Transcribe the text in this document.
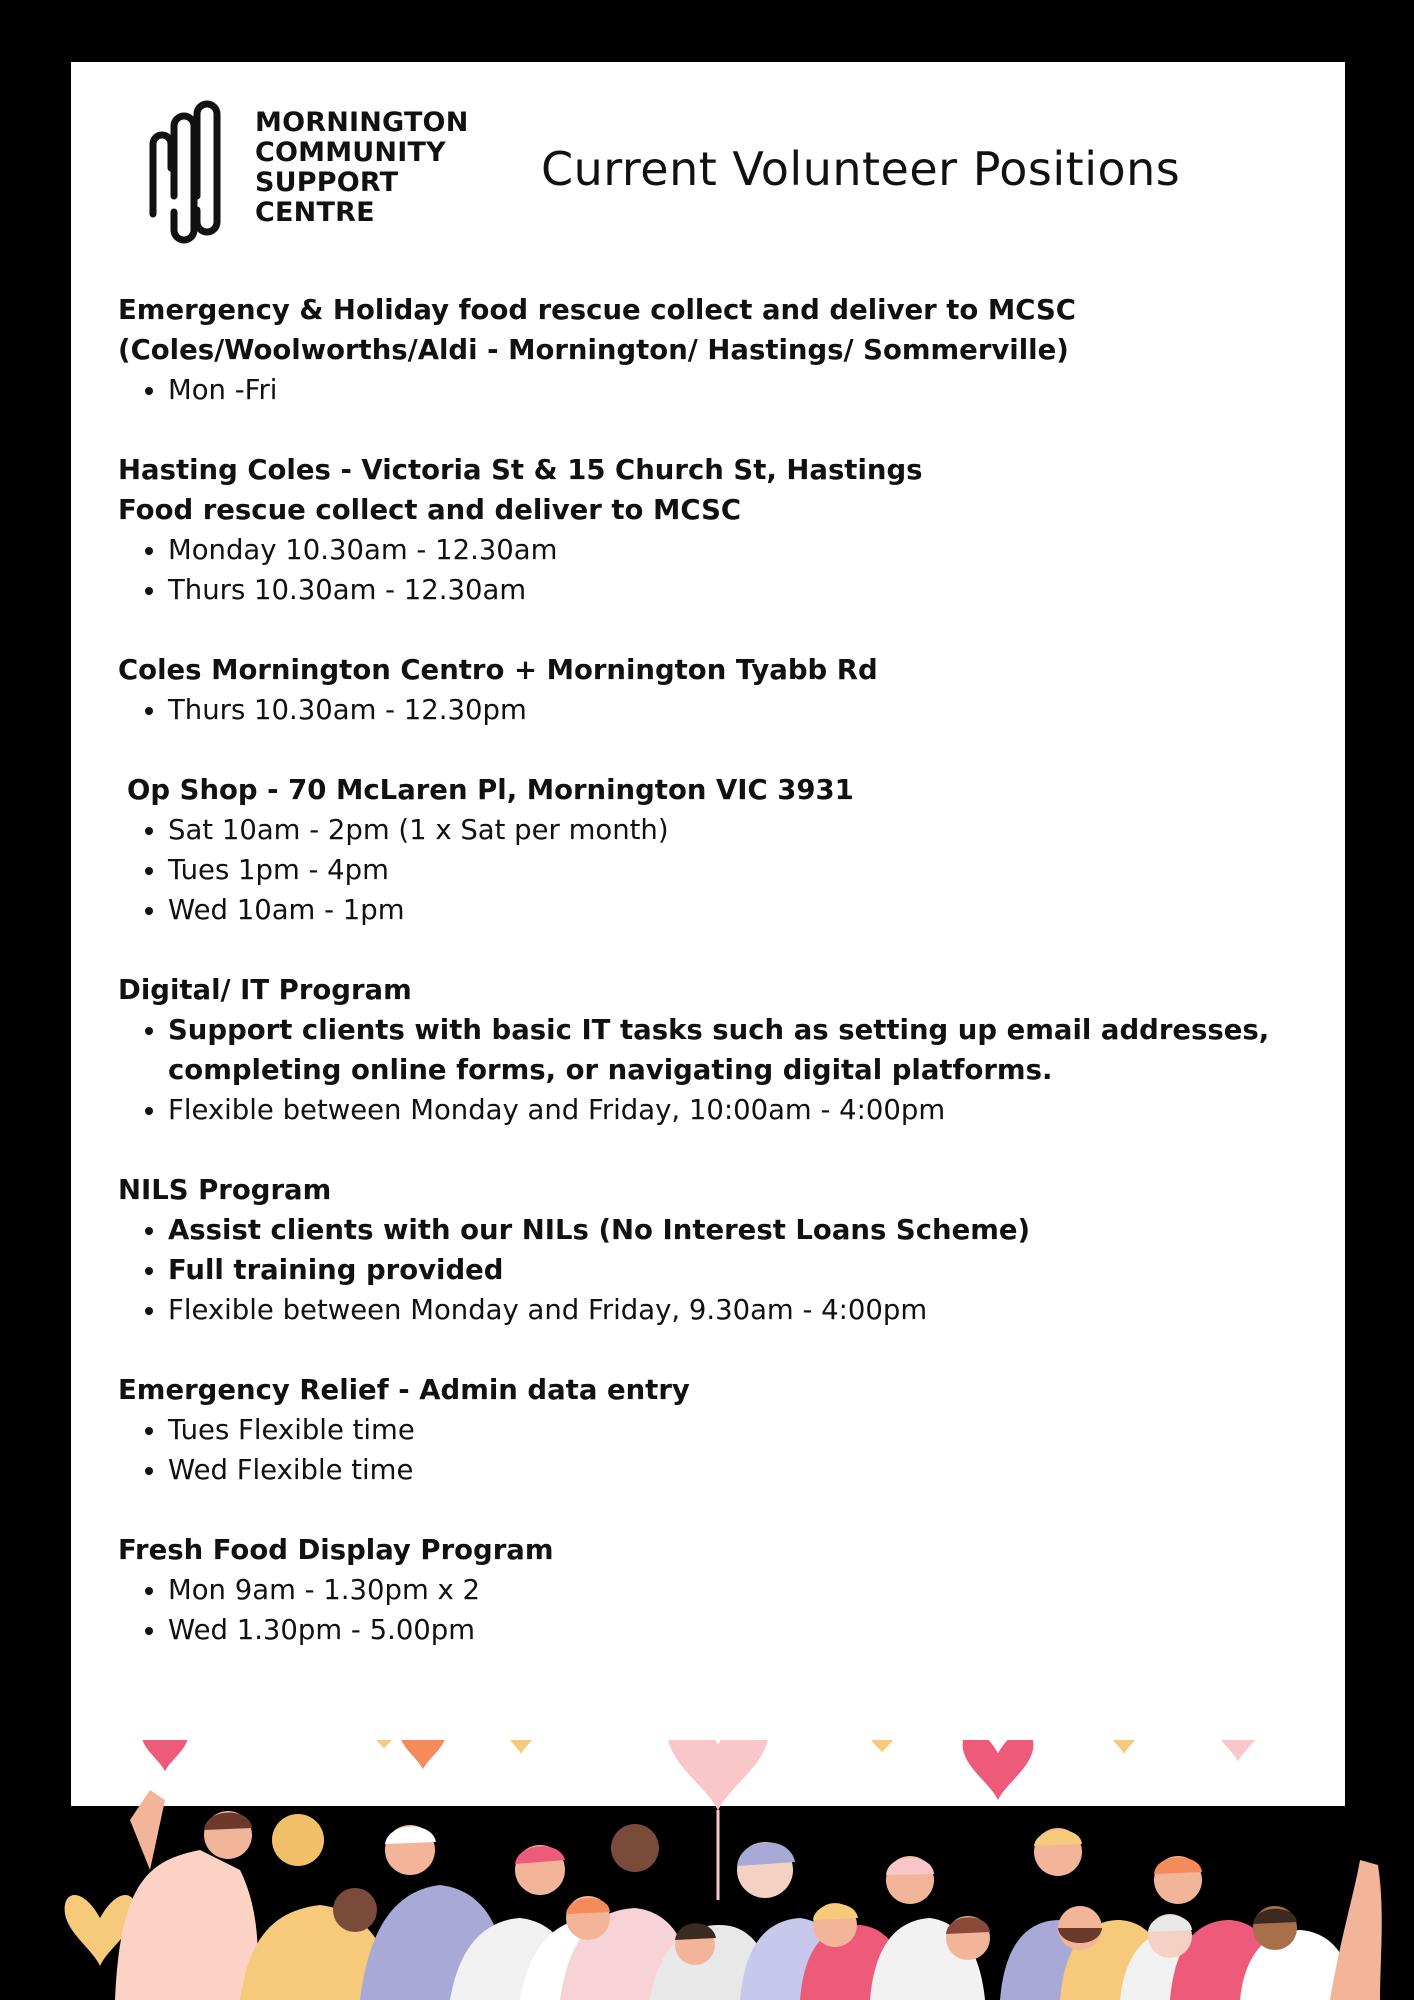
MORNINGTON
COMMUNITY
SUPPORT
CENTRE
Current Volunteer Positions
Emergency & Holiday food rescue collect and deliver to MCSC
(Coles/Woolworths/Aldi - Mornington/ Hastings/ Sommerville)
• Mon -Fri
Hasting Coles - Victoria St & 15 Church St, Hastings
Food rescue collect and deliver to MCSC
• Monday 10.30am - 12.30am
• Thurs 10.30am - 12.30am
Coles Mornington Centro + Mornington Tyabb Rd
• Thurs 10.30am - 12.30pm
Op Shop - 70 McLaren Pl, Mornington VIC 3931
• Sat 10am - 2pm (1 x Sat per month)
• Tues 1pm - 4pm
• Wed 10am - 1pm
Digital/ IT Program
• Support clients with basic IT tasks such as setting up email addresses, completing online forms, or navigating digital platforms.
• Flexible between Monday and Friday, 10:00am - 4:00pm
NILS Program
• Assist clients with our NILs (No Interest Loans Scheme)
• Full training provided
• Flexible between Monday and Friday, 9.30am - 4:00pm
Emergency Relief - Admin data entry
• Tues Flexible time
• Wed Flexible time
Fresh Food Display Program
• Mon 9am - 1.30pm x 2
• Wed 1.30pm - 5.00pm
